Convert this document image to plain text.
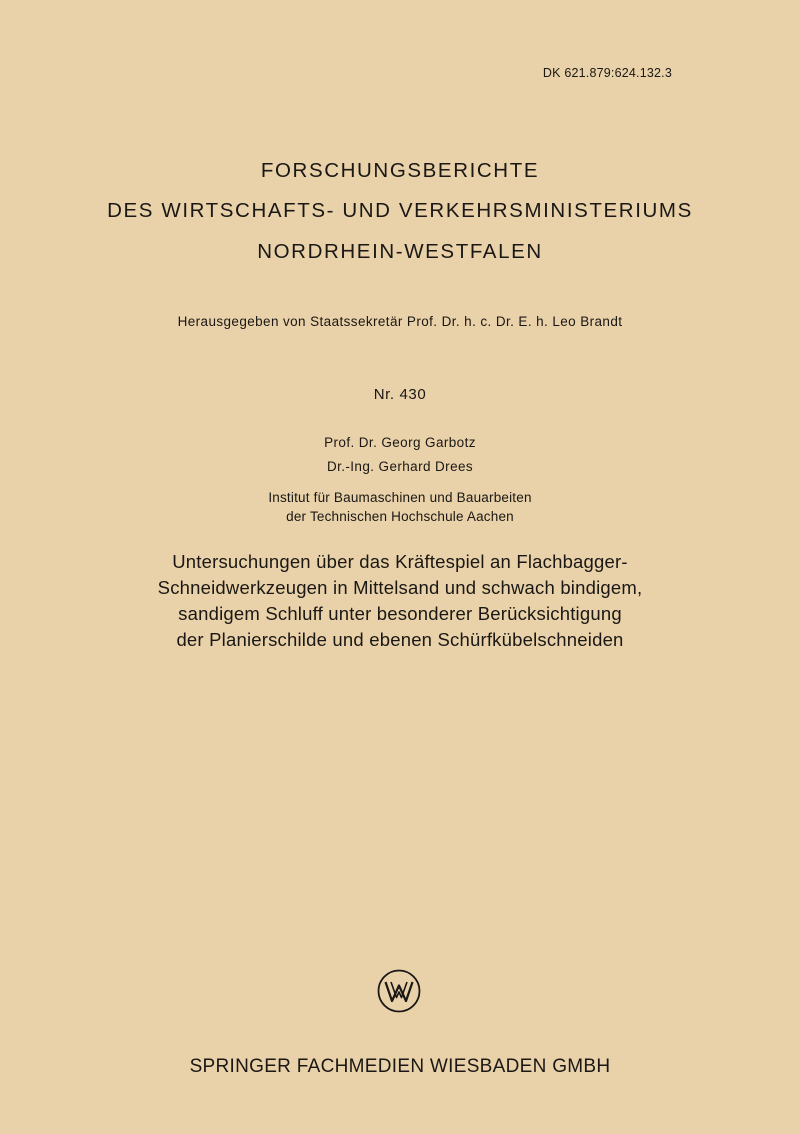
DK 621.879:624.132.3
FORSCHUNGSBERICHTE
DES WIRTSCHAFTS- UND VERKEHRSMINISTERIUMS
NORDRHEIN-WESTFALEN
Herausgegeben von Staatssekretär Prof. Dr. h. c. Dr. E. h. Leo Brandt
Nr. 430
Prof. Dr. Georg Garbotz
Dr.-Ing. Gerhard Drees
Institut für Baumaschinen und Bauarbeiten
der Technischen Hochschule Aachen
Untersuchungen über das Kräftespiel an Flachbagger-
Schneidwerkzeugen in Mittelsand und schwach bindigem,
sandigem Schluff unter besonderer Berücksichtigung
der Planierschilde und ebenen Schürfkübelschneiden
SPRINGER FACHMEDIEN WIESBADEN GMBH
